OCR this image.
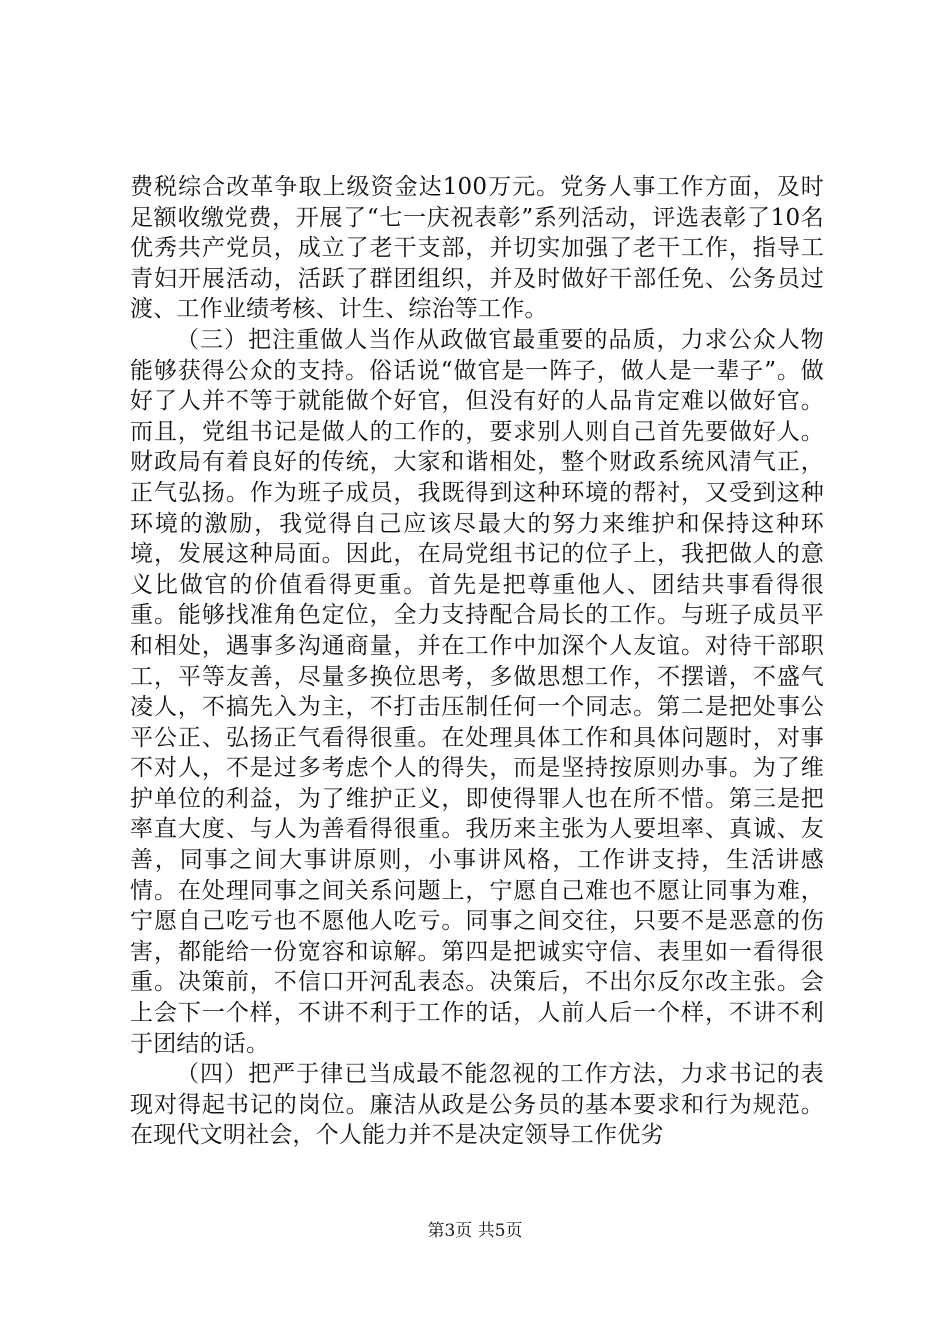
费税综合改革争取上级资金达100万元。党务人事工作方面，及时足额收缴党费，开展了“七一庆祝表彰”系列活动，评选表彰了10名优秀共产党员，成立了老干支部，并切实加强了老干工作，指导工青妇开展活动，活跃了群团组织，并及时做好干部任免、公务员过渡、工作业绩考核、计生、综治等工作。

（三）把注重做人当作从政做官最重要的品质，力求公众人物能够获得公众的支持。俗话说“做官是一阵子，做人是一辈子”。做好了人并不等于就能做个好官，但没有好的人品肯定难以做好官。而且，党组书记是做人的工作的，要求别人则自己首先要做好人。财政局有着良好的传统，大家和谐相处，整个财政系统风清气正，正气弘扬。作为班子成员，我既得到这种环境的帮衬，又受到这种环境的激励，我觉得自己应该尽最大的努力来维护和保持这种环境，发展这种局面。因此，在局党组书记的位子上，我把做人的意义比做官的价值看得更重。首先是把尊重他人、团结共事看得很重。能够找准角色定位，全力支持配合局长的工作。与班子成员平和相处，遇事多沟通商量，并在工作中加深个人友谊。对待干部职工，平等友善，尽量多换位思考，多做思想工作，不摆谱，不盛气凌人，不搞先入为主，不打击压制任何一个同志。第二是把处事公平公正、弘扬正气看得很重。在处理具体工作和具体问题时，对事不对人，不是过多考虑个人的得失，而是坚持按原则办事。为了维护单位的利益，为了维护正义，即使得罪人也在所不惜。第三是把率直大度、与人为善看得很重。我历来主张为人要坦率、真诚、友善，同事之间大事讲原则，小事讲风格，工作讲支持，生活讲感情。在处理同事之间关系问题上，宁愿自己难也不愿让同事为难，宁愿自己吃亏也不愿他人吃亏。同事之间交往，只要不是恶意的伤害，都能给一份宽容和谅解。第四是把诚实守信、表里如一看得很重。决策前，不信口开河乱表态。决策后，不出尔反尔改主张。会上会下一个样，不讲不利于工作的话，人前人后一个样，不讲不利于团结的话。

（四）把严于律已当成最不能忽视的工作方法，力求书记的表现对得起书记的岗位。廉洁从政是公务员的基本要求和行为规范。在现代文明社会，个人能力并不是决定领导工作优劣

第3页 共5页
